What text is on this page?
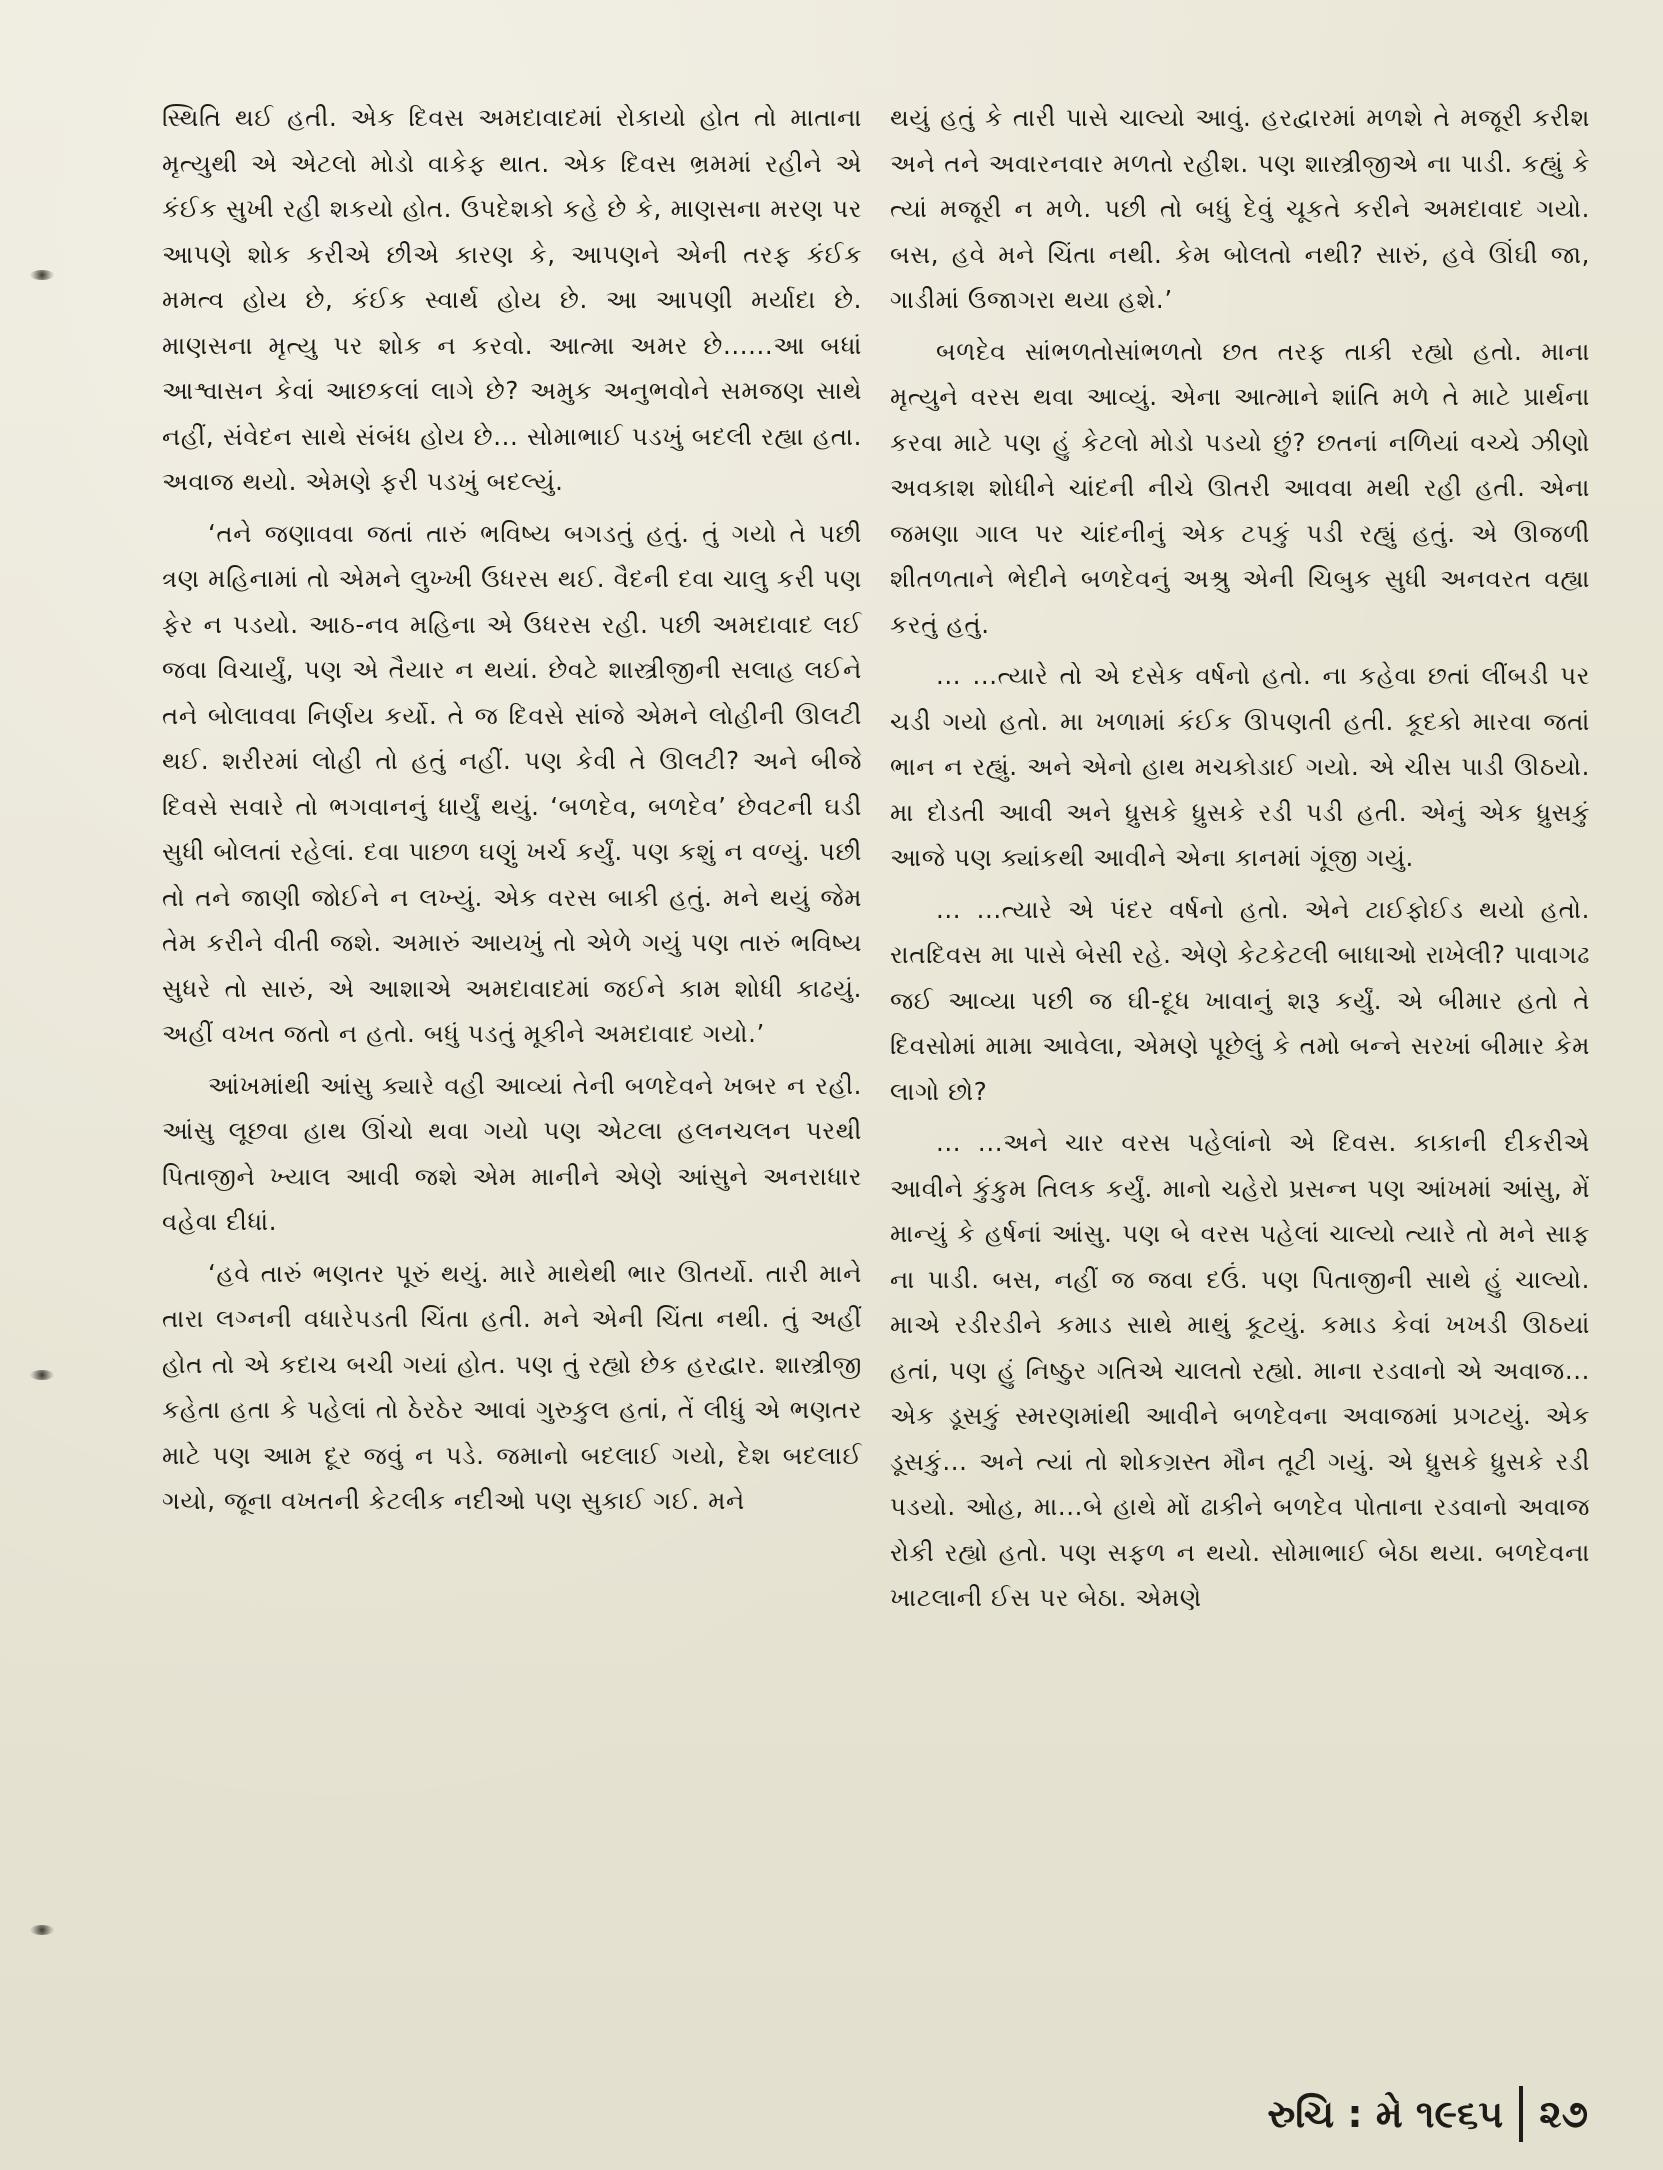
સ્થિતિ થઈ હતી. એક દિવસ અમદાવાદમાં રોકાયો હોત તો માતાના મૃત્યુથી એ એટલો મોડો વાકેફ થાત. એક દિવસ ભ્રમમાં રહીને એ કંઈક સુખી રહી શકયો હોત. ઉપદેશકો કહે છે કે, માણસના મરણ પર આપણે શોક કરીએ છીએ કારણ કે, આપણને એની તરફ કંઈક મમત્વ હોય છે, કંઈક સ્વાર્થ હોય છે. આ આપણી મર્યાદા છે. માણસના મૃત્યુ પર શોક ન કરવો. આત્મા અમર છે......આ બધાં આશ્વાસન કેવાં આછકલાં લાગે છે? અમુક અનુભવોને સમજણ સાથે નહીં, સંવેદન સાથે સંબંધ હોય છે... સોમાભાઈ પડખું બદલી રહ્યા હતા. અવાજ થયો. એમણે ફરી પડખું બદલ્યું.

‘તને જણાવવા જતાં તારું ભવિષ્ય બગડતું હતું. તું ગયો તે પછી ત્રણ મહિનામાં તો એમને લુખ્ખી ઉધરસ થઈ. વૈદની દવા ચાલુ કરી પણ ફેર ન પડયો. આઠ-નવ મહિના એ ઉધરસ રહી. પછી અમદાવાદ લઈ જવા વિચાર્યું, પણ એ તૈયાર ન થયાં. છેવટે શાસ્ત્રીજીની સલાહ લઈને તને બોલાવવા નિર્ણય કર્યો. તે જ દિવસે સાંજે એમને લોહીની ઊલટી થઈ. શરીરમાં લોહી તો હતું નહીં. પણ કેવી તે ઊલટી? અને બીજે દિવસે સવારે તો ભગવાનનું ધાર્યું થયું. ‘બળદેવ, બળદેવ’ છેવટની ઘડી સુધી બોલતાં રહેલાં. દવા પાછળ ઘણું ખર્ચ કર્યું. પણ કશું ન વળ્યું. પછી તો તને જાણી જોઈને ન લખ્યું. એક વરસ બાકી હતું. મને થયું જેમ તેમ કરીને વીતી જશે. અમારું આયખું તો એળે ગયું પણ તારું ભવિષ્ય સુધરે તો સારું, એ આશાએ અમદાવાદમાં જઈને કામ શોધી કાઢયું. અહીં વખત જતો ન હતો. બધું પડતું મૂકીને અમદાવાદ ગયો.’

આંખમાંથી આંસુ ક્યારે વહી આવ્યાં તેની બળદેવને ખબર ન રહી. આંસુ લૂછવા હાથ ઊંચો થવા ગયો પણ એટલા હલનચલન પરથી પિતાજીને ખ્યાલ આવી જશે એમ માનીને એણે આંસુને અનરાધાર વહેવા દીધાં.

‘હવે તારું ભણતર પૂરું થયું. મારે માથેથી ભાર ઊતર્યો. તારી માને તારા લગ્નની વધારેપડતી ચિંતા હતી. મને એની ચિંતા નથી. તું અહીં હોત તો એ કદાચ બચી ગયાં હોત. પણ તું રહ્યો છેક હરદ્વાર. શાસ્ત્રીજી કહેતા હતા કે પહેલાં તો ઠેરઠેર આવાં ગુરુકુલ હતાં, તેં લીધું એ ભણતર માટે પણ આમ દૂર જવું ન પડે. જમાનો બદલાઈ ગયો, દેશ બદલાઈ ગયો, જૂના વખતની કેટલીક નદીઓ પણ સુકાઈ ગઈ. મને

થયું હતું કે તારી પાસે ચાલ્યો આવું. હરદ્વારમાં મળશે તે મજૂરી કરીશ અને તને અવારનવાર મળતો રહીશ. પણ શાસ્ત્રીજીએ ના પાડી. કહ્યું કે ત્યાં મજૂરી ન મળે. પછી તો બધું દેવું ચૂકતે કરીને અમદાવાદ ગયો. બસ, હવે મને ચિંતા નથી. કેમ બોલતો નથી? સારું, હવે ઊંઘી જા, ગાડીમાં ઉજાગરા થયા હશે.’

બળદેવ સાંભળતોસાંભળતો છત તરફ તાકી રહ્યો હતો. માના મૃત્યુને વરસ થવા આવ્યું. એના આત્માને શાંતિ મળે તે માટે પ્રાર્થના કરવા માટે પણ હું કેટલો મોડો પડયો છું? છતનાં નળિયાં વચ્ચે ઝીણો અવકાશ શોધીને ચાંદની નીચે ઊતરી આવવા મથી રહી હતી. એના જમણા ગાલ પર ચાંદનીનું એક ટપકું પડી રહ્યું હતું. એ ઊજળી શીતળતાને ભેદીને બળદેવનું અશ્રુ એની ચિબુક સુધી અનવરત વહ્યા કરતું હતું.

... ...ત્યારે તો એ દસેક વર્ષનો હતો. ના કહેવા છતાં લીંબડી પર ચડી ગયો હતો. મા ખળામાં કંઈક ઊપણતી હતી. કૂદકો મારવા જતાં ભાન ન રહ્યું. અને એનો હાથ મચકોડાઈ ગયો. એ ચીસ પાડી ઊઠયો. મા દોડતી આવી અને ધ્રુસકે ધ્રુસકે રડી પડી હતી. એનું એક ધ્રુસકું આજે પણ ક્યાંકથી આવીને એના કાનમાં ગૂંજી ગયું.

... ...ત્યારે એ પંદર વર્ષનો હતો. એને ટાઈફોઈડ થયો હતો. રાતદિવસ મા પાસે બેસી રહે. એણે કેટકેટલી બાધાઓ રાખેલી? પાવાગઢ જઈ આવ્યા પછી જ ઘી-દૂધ ખાવાનું શરૂ કર્યું. એ બીમાર હતો તે દિવસોમાં મામા આવેલા, એમણે પૂછેલું કે તમો બન્ને સરખાં બીમાર કેમ લાગો છો?

... ...અને ચાર વરસ પહેલાંનો એ દિવસ. કાકાની દીકરીએ આવીને કુંકુમ તિલક કર્યું. માનો ચહેરો પ્રસન્ન પણ આંખમાં આંસુ, મેં માન્યું કે હર્ષનાં આંસુ. પણ બે વરસ પહેલાં ચાલ્યો ત્યારે તો મને સાફ ના પાડી. બસ, નહીં જ જવા દઉં. પણ પિતાજીની સાથે હું ચાલ્યો. માએ રડીરડીને કમાડ સાથે માથું કૂટયું. કમાડ કેવાં ખખડી ઊઠયાં હતાં, પણ હું નિષ્ઠુર ગતિએ ચાલતો રહ્યો. માના રડવાનો એ અવાજ... એક ડૂસકું સ્મરણમાંથી આવીને બળદેવના અવાજમાં પ્રગટયું. એક ડૂસકું... અને ત્યાં તો શોકગ્રસ્ત મૌન તૂટી ગયું. એ ધ્રુસકે ધ્રુસકે રડી પડયો. ઓહ, મા...બે હાથે મોં ઢાકીને બળદેવ પોતાના રડવાનો અવાજ રોકી રહ્યો હતો. પણ સફળ ન થયો. સોમાભાઈ બેઠા થયા. બળદેવના ખાટલાની ઈસ પર બેઠા. એમણે

રુચિ : મે ૧૯૬૫ ૨૭
